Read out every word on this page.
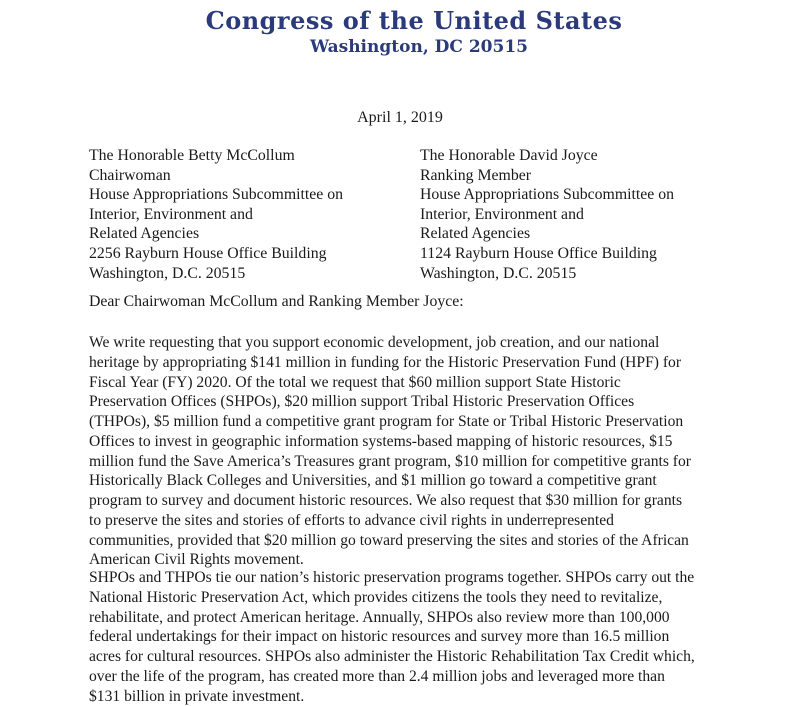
Congress of the United States
Washington, DC 20515
April 1, 2019
The Honorable Betty McCollum
Chairwoman
House Appropriations Subcommittee on
Interior, Environment and
Related Agencies
2256 Rayburn House Office Building
Washington, D.C. 20515
The Honorable David Joyce
Ranking Member
House Appropriations Subcommittee on
Interior, Environment and
Related Agencies
1124 Rayburn House Office Building
Washington, D.C. 20515
Dear Chairwoman McCollum and Ranking Member Joyce:
We write requesting that you support economic development, job creation, and our national
heritage by appropriating $141 million in funding for the Historic Preservation Fund (HPF) for
Fiscal Year (FY) 2020. Of the total we request that $60 million support State Historic
Preservation Offices (SHPOs), $20 million support Tribal Historic Preservation Offices
(THPOs), $5 million fund a competitive grant program for State or Tribal Historic Preservation
Offices to invest in geographic information systems-based mapping of historic resources, $15
million fund the Save America’s Treasures grant program, $10 million for competitive grants for
Historically Black Colleges and Universities, and $1 million go toward a competitive grant
program to survey and document historic resources. We also request that $30 million for grants
to preserve the sites and stories of efforts to advance civil rights in underrepresented
communities, provided that $20 million go toward preserving the sites and stories of the African
American Civil Rights movement.
SHPOs and THPOs tie our nation’s historic preservation programs together. SHPOs carry out the
National Historic Preservation Act, which provides citizens the tools they need to revitalize,
rehabilitate, and protect American heritage. Annually, SHPOs also review more than 100,000
federal undertakings for their impact on historic resources and survey more than 16.5 million
acres for cultural resources. SHPOs also administer the Historic Rehabilitation Tax Credit which,
over the life of the program, has created more than 2.4 million jobs and leveraged more than
$131 billion in private investment.
